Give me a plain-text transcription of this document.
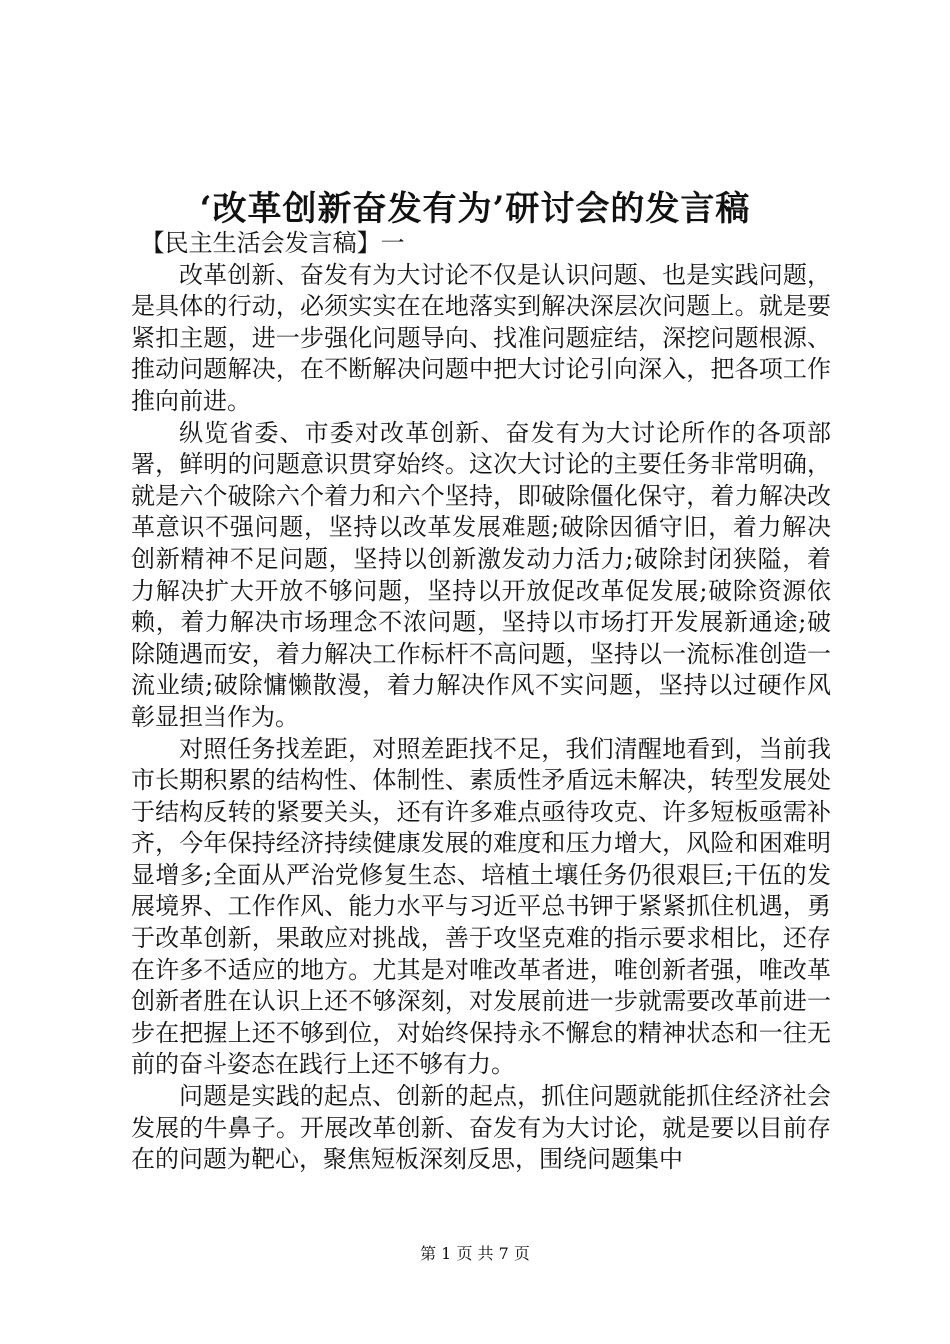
‘改革创新奋发有为’研讨会的发言稿

【民主生活会发言稿】一

改革创新、奋发有为大讨论不仅是认识问题、也是实践问题，是具体的行动，必须实实在在地落实到解决深层次问题上。就是要紧扣主题，进一步强化问题导向、找准问题症结，深挖问题根源、推动问题解决，在不断解决问题中把大讨论引向深入，把各项工作推向前进。

纵览省委、市委对改革创新、奋发有为大讨论所作的各项部署，鲜明的问题意识贯穿始终。这次大讨论的主要任务非常明确，就是六个破除六个着力和六个坚持，即破除僵化保守，着力解决改革意识不强问题，坚持以改革发展难题;破除因循守旧，着力解决创新精神不足问题，坚持以创新激发动力活力;破除封闭狭隘，着力解决扩大开放不够问题，坚持以开放促改革促发展;破除资源依赖，着力解决市场理念不浓问题，坚持以市场打开发展新通途;破除随遇而安，着力解决工作标杆不高问题，坚持以一流标准创造一流业绩;破除慵懒散漫，着力解决作风不实问题，坚持以过硬作风彰显担当作为。

对照任务找差距，对照差距找不足，我们清醒地看到，当前我市长期积累的结构性、体制性、素质性矛盾远未解决，转型发展处于结构反转的紧要关头，还有许多难点亟待攻克、许多短板亟需补齐，今年保持经济持续健康发展的难度和压力增大，风险和困难明显增多;全面从严治党修复生态、培植土壤任务仍很艰巨;干伍的发展境界、工作作风、能力水平与习近平总书钾于紧紧抓住机遇，勇于改革创新，果敢应对挑战，善于攻坚克难的指示要求相比，还存在许多不适应的地方。尤其是对唯改革者进，唯创新者强，唯改革创新者胜在认识上还不够深刻，对发展前进一步就需要改革前进一步在把握上还不够到位，对始终保持永不懈怠的精神状态和一往无前的奋斗姿态在践行上还不够有力。

问题是实践的起点、创新的起点，抓住问题就能抓住经济社会发展的牛鼻子。开展改革创新、奋发有为大讨论，就是要以目前存在的问题为靶心，聚焦短板深刻反思，围绕问题集中

第 1 页 共 7 页
